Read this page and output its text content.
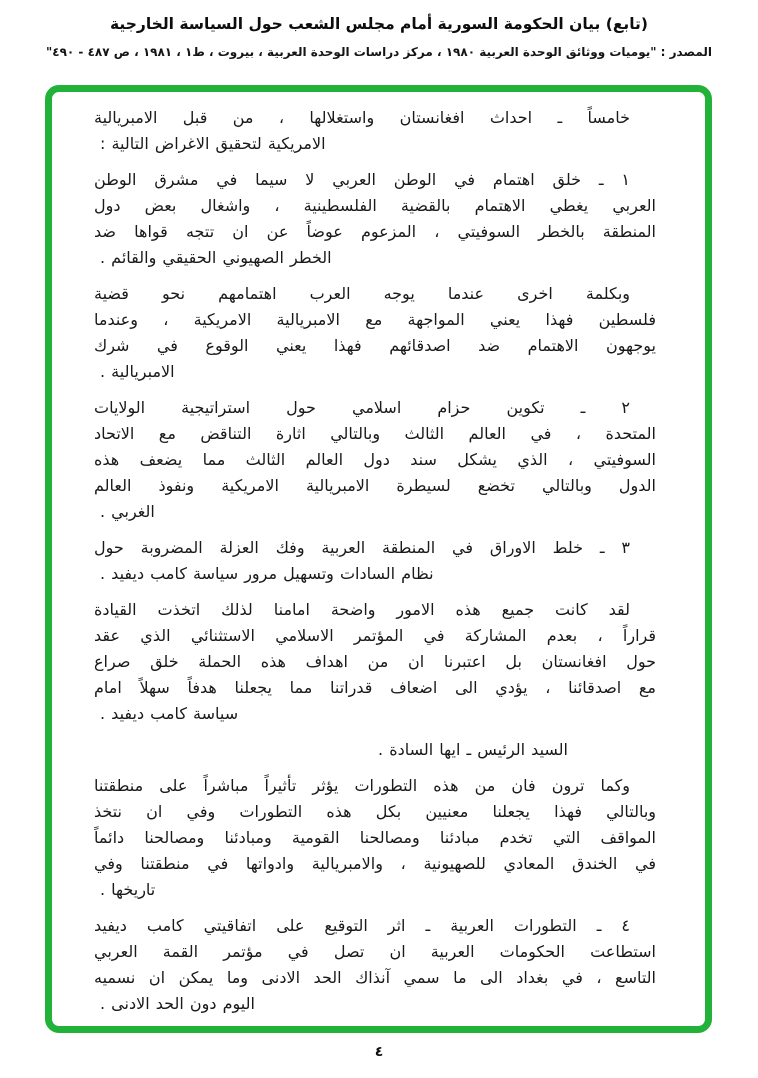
(تابع) بيان الحكومة السورية أمام مجلس الشعب حول السياسة الخارجية
المصدر : "يوميات ووثائق الوحدة العربية ١٩٨٠ ، مركز دراسات الوحدة العربية ، بيروت ، ط١ ، ١٩٨١ ، ص ٤٨٧ - ٤٩٠"
خامساً ـ احداث افغانستان واستغلالها ، من قبل الامبريالية
الامريكية لتحقيق الاغراض التالية :
١ ـ خلق اهتمام في الوطن العربي لا سيما في مشرق الوطن
العربي يغطي الاهتمام بالقضية الفلسطينية ، واشغال بعض دول
المنطقة بالخطر السوفيتي ، المزعوم عوضاً عن ان تتجه قواها ضد
الخطر الصهيوني الحقيقي والقائم .
وبكلمة اخرى عندما يوجه العرب اهتمامهم نحو قضية
فلسطين فهذا يعني المواجهة مع الامبريالية الامريكية ، وعندما
يوجهون الاهتمام ضد اصدقائهم فهذا يعني الوقوع في شرك
الامبريالية .
٢ ـ تكوين حزام اسلامي حول استراتيجية الولايات
المتحدة ، في العالم الثالث وبالتالي اثارة التناقض مع الاتحاد
السوفيتي ، الذي يشكل سند دول العالم الثالث مما يضعف هذه
الدول وبالتالي تخضع لسيطرة الامبريالية الامريكية ونفوذ العالم
الغربي .
٣ ـ خلط الاوراق في المنطقة العربية وفك العزلة المضروبة حول
نظام السادات وتسهيل مرور سياسة كامب ديفيد .
لقد كانت جميع هذه الامور واضحة امامنا لذلك اتخذت القيادة
قراراً ، بعدم المشاركة في المؤتمر الاسلامي الاستثنائي الذي عقد
حول افغانستان بل اعتبرنا ان من اهداف هذه الحملة خلق صراع
مع اصدقائنا ، يؤدي الى اضعاف قدراتنا مما يجعلنا هدفاً سهلاً امام
سياسة كامب ديفيد .
السيد الرئيس ـ ايها السادة .
وكما ترون فان من هذه التطورات يؤثر تأثيراً مباشراً على منطقتنا
وبالتالي فهذا يجعلنا معنيين بكل هذه التطورات وفي ان نتخذ
المواقف التي تخدم مبادئنا ومصالحنا القومية ومبادئنا ومصالحنا دائماً
في الخندق المعادي للصهيونية ، والامبريالية وادواتها في منطقتنا وفي
تاريخها .
٤ ـ التطورات العربية ـ اثر التوقيع على اتفاقيتي كامب ديفيد
استطاعت الحكومات العربية ان تصل في مؤتمر القمة العربي
التاسع ، في بغداد الى ما سمي آنذاك الحد الادنى وما يمكن ان نسميه
اليوم دون الحد الادنى .
٤
